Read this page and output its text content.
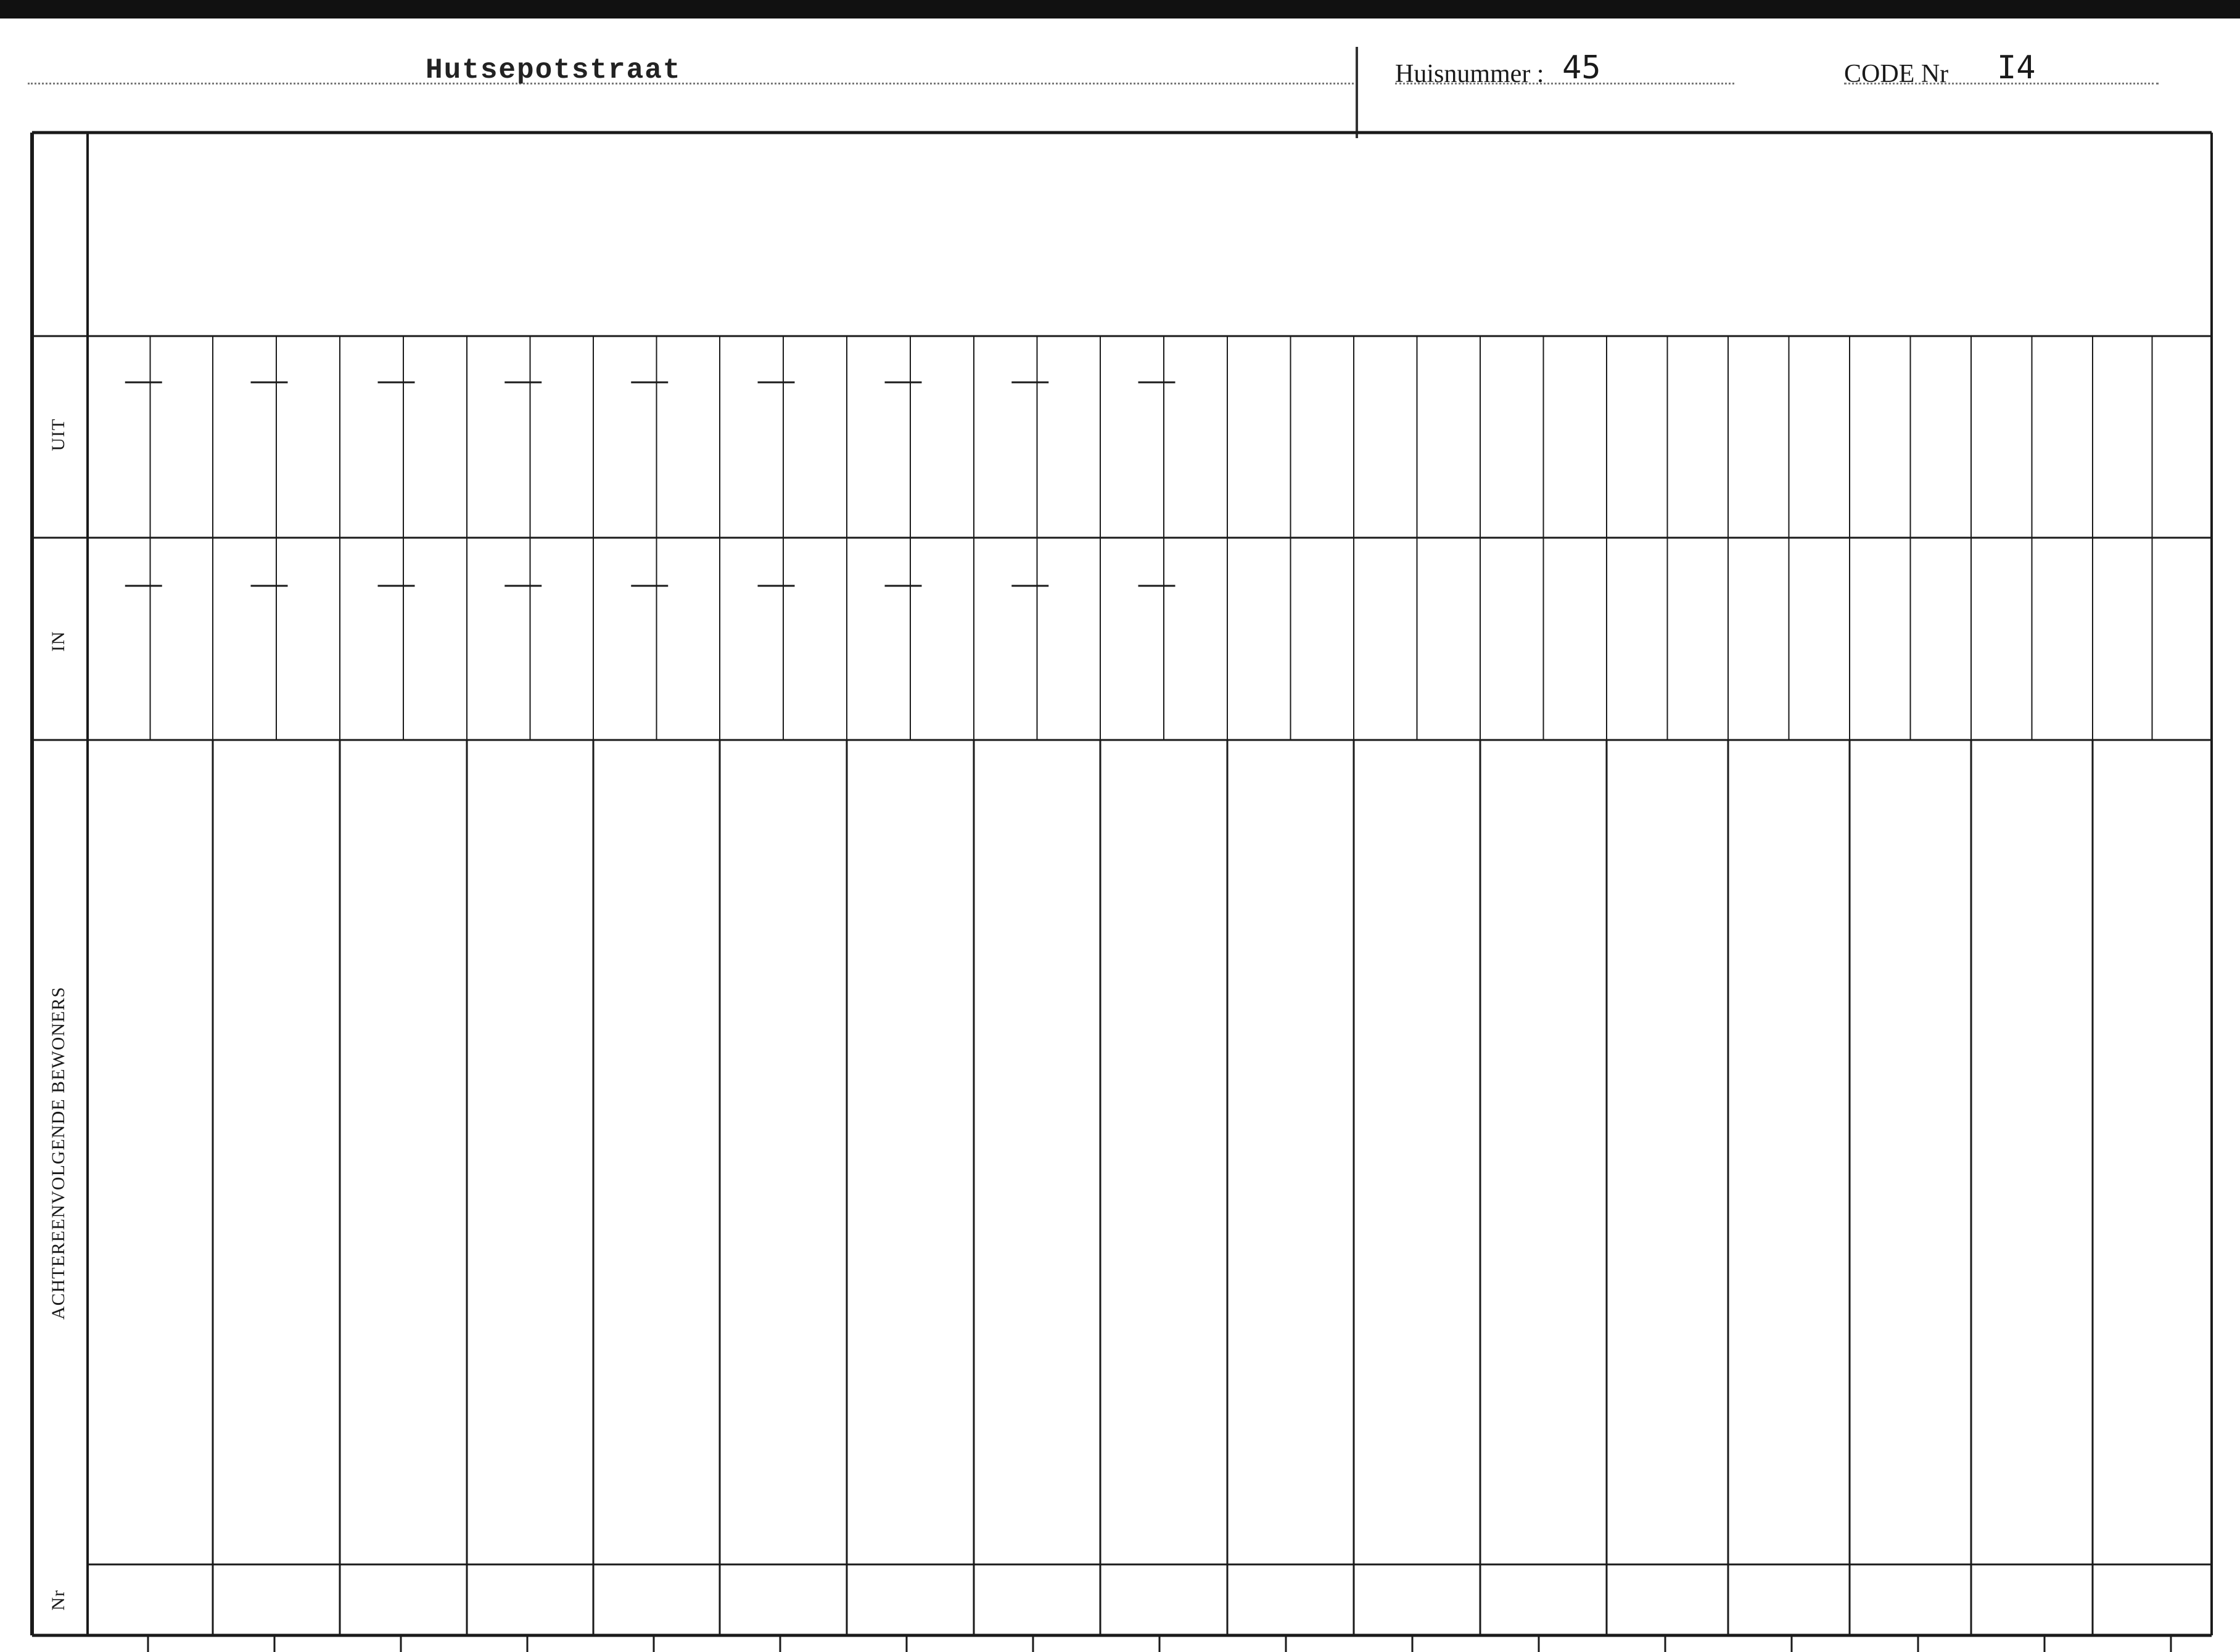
Hutsepotstraat	Huisnummer : 45	CODE Nr I4
UIT
IN
ACHTEREENVOLGENDE BEWONERS
Nr
